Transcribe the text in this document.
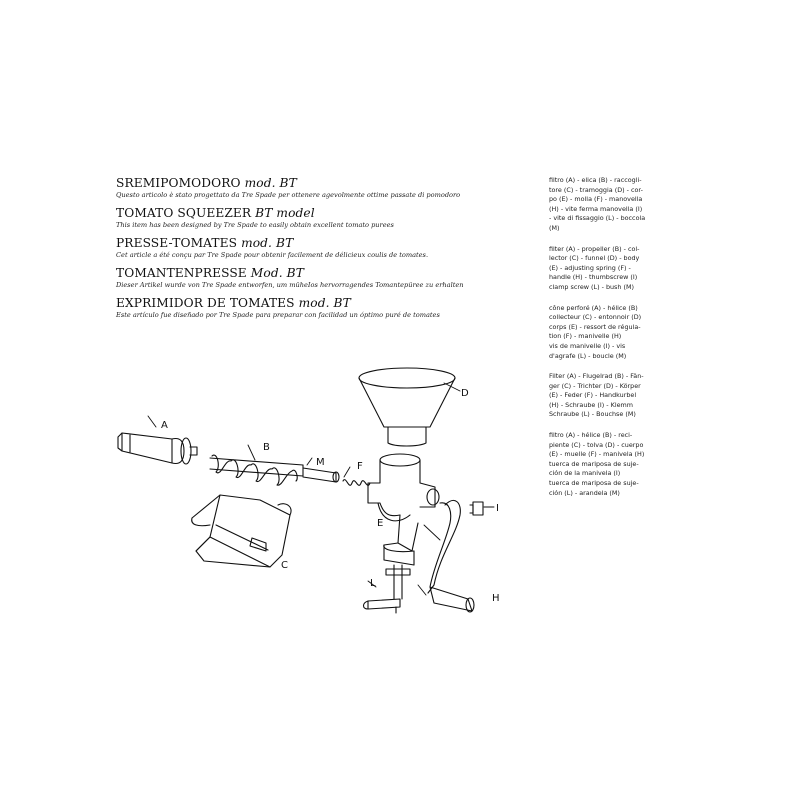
SREMIPOMODORO mod. BT
Questo articolo è stato progettato da Tre Spade per ottenere agevolmente ottime passate di pomodoro
TOMATO SQUEEZER BT model
This item has been designed by Tre Spade to easily obtain excellent tomato purees
PRESSE-TOMATES mod. BT
Cet article a été conçu par Tre Spade pour obtenir facilement de délicieux coulis de tomates.
TOMANTENPRESSE Mod. BT
Dieser Artikel wurde von Tre Spade entworfen, um müheIos hervorragendes Tomantepüree zu erhalten
EXPRIMIDOR DE TOMATES mod. BT
Este artículo fue diseñado por Tre Spade para preparar con facilidad un óptimo puré de tomates
filtro (A) - elica (B) - raccogli-
tore (C) - tramoggia (D) - cor-
po (E) - molla (F) - manovella
(H) - vite ferma manovella (I)
- vite di fissaggio (L) - boccola
(M)
filter (A) - propeller (B) - col-
lector (C) - funnel (D) - body
(E) - adjusting spring (F) -
handle (H) - thumbscrew (I)
clamp screw (L) - bush (M)
cône perforé (A) - hélice (B)
collecteur (C) - entonnoir (D)
corps (E) - ressort de régula-
tion (F) - manivelle (H)
vis de manivelle (I) - vis
d'agrafe (L) - boucle (M)
Filter (A) - Flugelrad (B) - Fän-
ger (C) - Trichter (D) - Körper
(E) - Feder (F) - Handkurbel
(H) - Schraube (I) - Klemm
Schraube (L) - Bouchse (M)
filtro (A) - hélice (B) - reci-
piente (C) - tolva (D) - cuerpo
(E) - muelle (F) - manivela (H)
tuerca de mariposa de suje-
ción de la manivela (I)
tuerca de mariposa de suje-
ción (L) - arandela (M)
A
B
C
D
E
F
H
I
L
M
